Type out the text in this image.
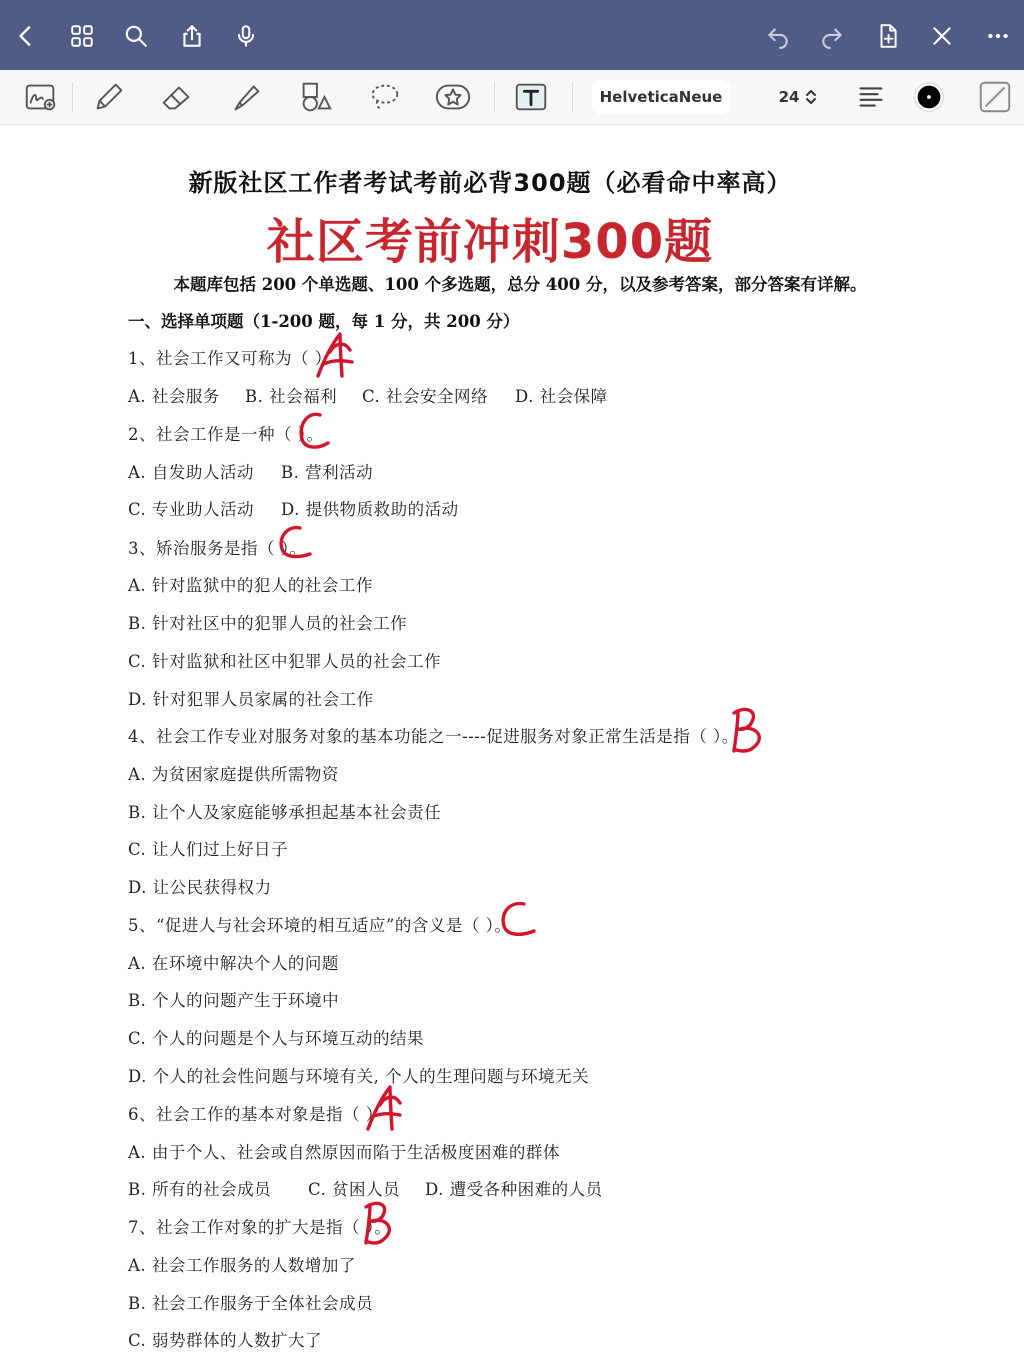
HelveticaNeue	24
新版社区工作者考试考前必背300题（必看命中率高）
社区考前冲刺300题
本题库包括 200 个单选题、100 个多选题，总分 400 分，以及参考答案，部分答案有详解。
一、选择单项题（1-200 题，每 1 分，共 200 分）
1、社会工作又可称为（ ）
A. 社会服务 B. 社会福利 C. 社会安全网络 D. 社会保障
2、社会工作是一种（ ）。
A. 自发助人活动 B. 营利活动
C. 专业助人活动 D. 提供物质救助的活动
3、矫治服务是指（ ）。
A. 针对监狱中的犯人的社会工作
B. 针对社区中的犯罪人员的社会工作
C. 针对监狱和社区中犯罪人员的社会工作
D. 针对犯罪人员家属的社会工作
4、社会工作专业对服务对象的基本功能之一----促进服务对象正常生活是指（ ）。
A. 为贫困家庭提供所需物资
B. 让个人及家庭能够承担起基本社会责任
C. 让人们过上好日子
D. 让公民获得权力
5、“促进人与社会环境的相互适应”的含义是（ ）。
A. 在环境中解决个人的问题
B. 个人的问题产生于环境中
C. 个人的问题是个人与环境互动的结果
D. 个人的社会性问题与环境有关, 个人的生理问题与环境无关
6、社会工作的基本对象是指（ ）
A. 由于个人、社会或自然原因而陷于生活极度困难的群体
B. 所有的社会成员 C. 贫困人员 D. 遭受各种困难的人员
7、社会工作对象的扩大是指（ ）。
A. 社会工作服务的人数增加了
B. 社会工作服务于全体社会成员
C. 弱势群体的人数扩大了
